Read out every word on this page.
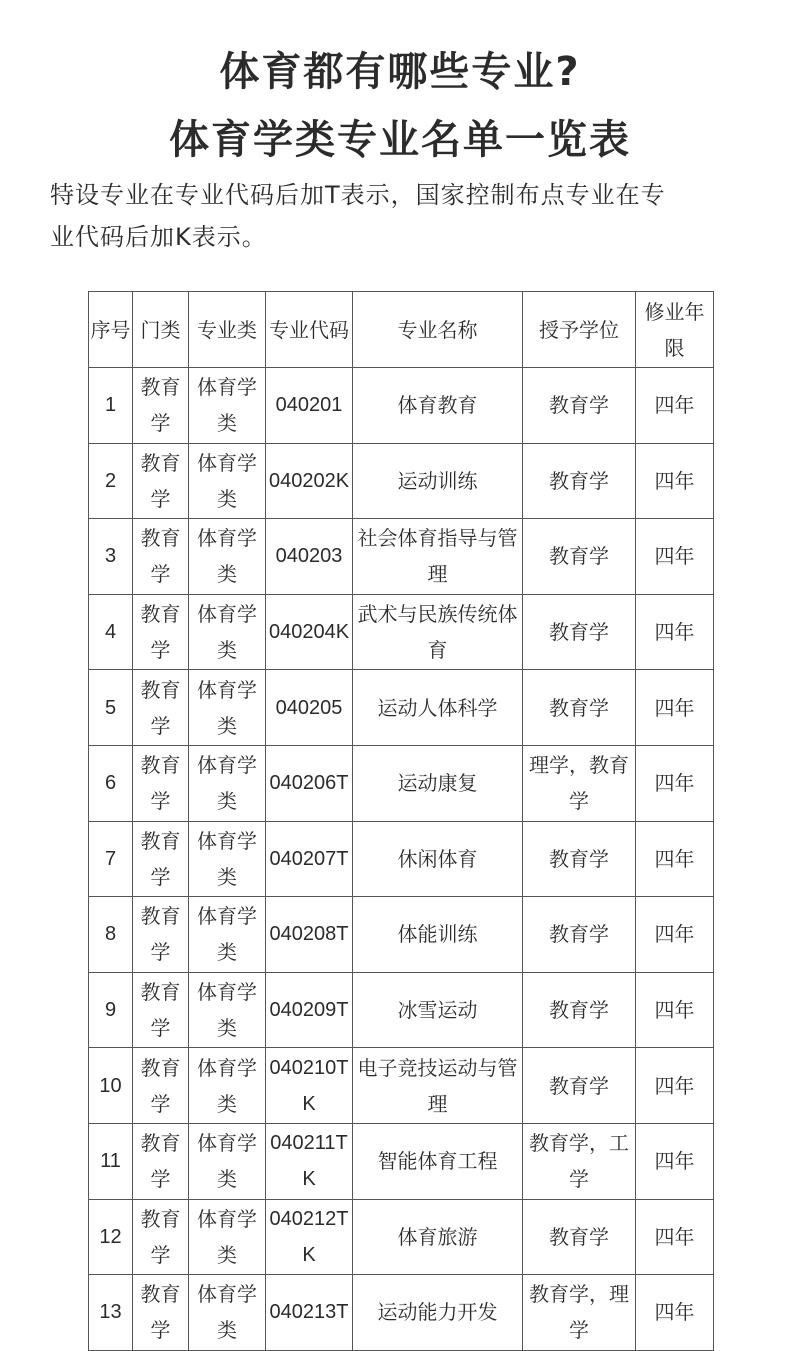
体育都有哪些专业?
体育学类专业名单一览表
特设专业在专业代码后加T表示，国家控制布点专业在专
业代码后加K表示。
序号	门类	专业类	专业代码	专业名称	授予学位	修业年限
1	教育学	体育学类	040201	体育教育	教育学	四年
2	教育学	体育学类	040202K	运动训练	教育学	四年
3	教育学	体育学类	040203	社会体育指导与管理	教育学	四年
4	教育学	体育学类	040204K	武术与民族传统体育	教育学	四年
5	教育学	体育学类	040205	运动人体科学	教育学	四年
6	教育学	体育学类	040206T	运动康复	理学，教育学	四年
7	教育学	体育学类	040207T	休闲体育	教育学	四年
8	教育学	体育学类	040208T	体能训练	教育学	四年
9	教育学	体育学类	040209T	冰雪运动	教育学	四年
10	教育学	体育学类	040210TK	电子竞技运动与管理	教育学	四年
11	教育学	体育学类	040211TK	智能体育工程	教育学，工学	四年
12	教育学	体育学类	040212TK	体育旅游	教育学	四年
13	教育学	体育学类	040213T	运动能力开发	教育学，理学	四年
